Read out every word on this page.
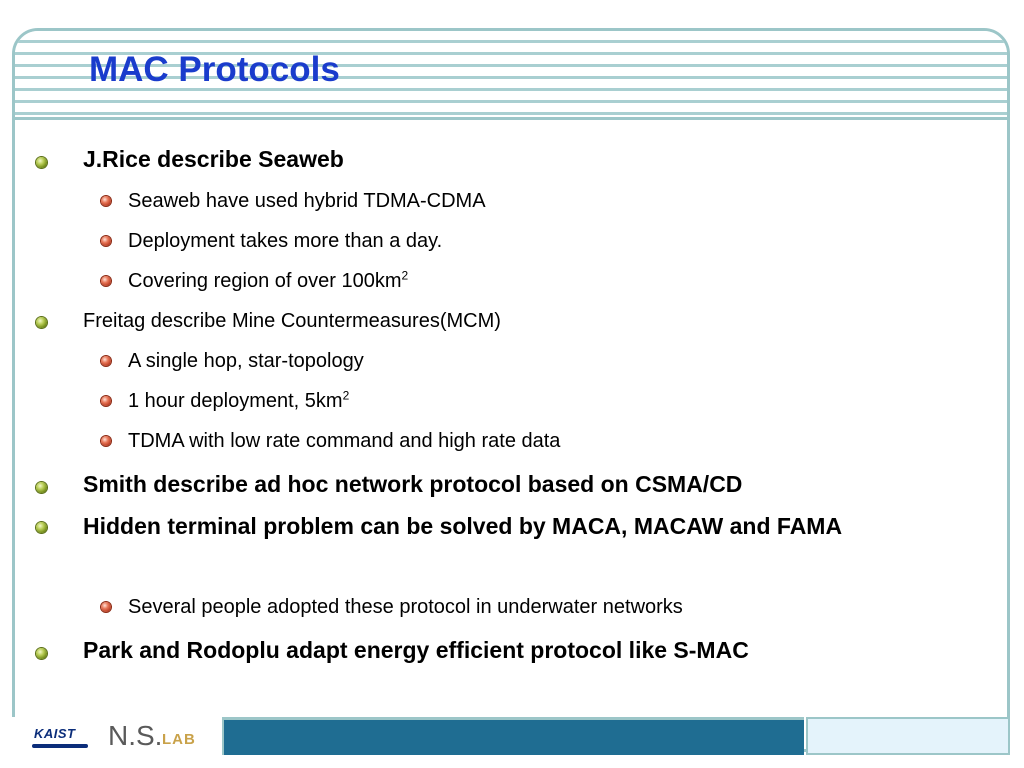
MAC Protocols

J.Rice describe Seaweb

Seaweb have used hybrid TDMA-CDMA

Deployment takes more than a day.

Covering region of over $100km^2$

Freitag describe Mine Countermeasures(MCM)

A single hop, star-topology

1 hour deployment, $5km^2$

TDMA with low rate command and high rate data

Smith describe ad hoc network protocol based on CSMA/CD

Hidden terminal problem can be solved by MACA, MACAW and FAMA

Several people adopted these protocol in underwater networks

Park and Rodoplu adapt energy efficient protocol like S-MAC

KAIST	N.S. LAB
